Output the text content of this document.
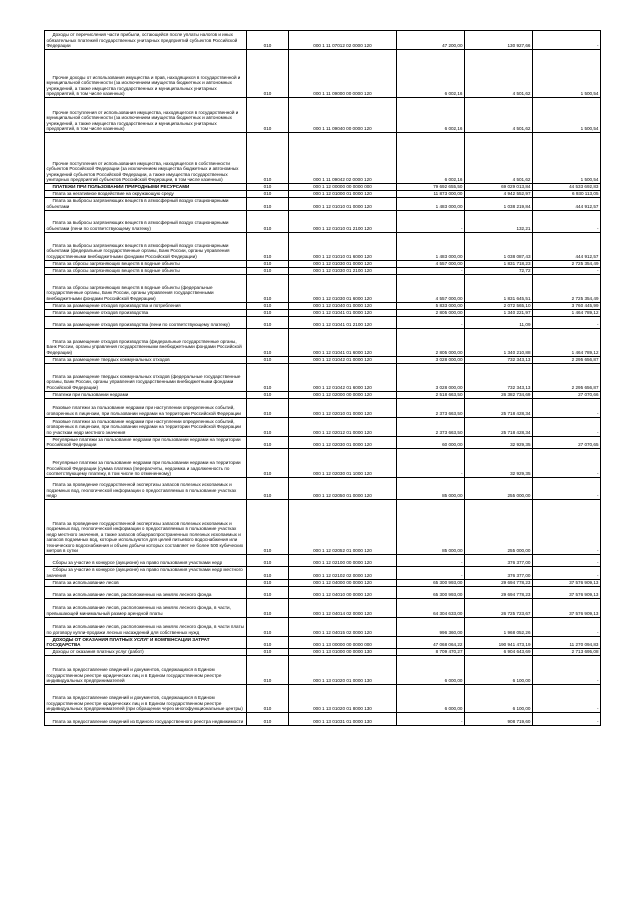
Доходы от перечисления части прибыли, остающейся после уплаты налогов и иных обязательных платежей государственных унитарных предприятий субъектов Российской Федерации	010	000 1 11 07012 02 0000 120	47 200,00	130 927,66	-
Прочие доходы от использования имущества и прав, находящихся в государственной и муниципальной собственности (за исключением имущества бюджетных и автономных учреждений, а также имущества государственных и муниципальных унитарных предприятий, в том числе казенных)	010	000 1 11 09000 00 0000 120	6 002,16	4 501,62	1 500,54
Прочие поступления от использования имущества, находящегося в государственной и муниципальной собственности (за исключением имущества бюджетных и автономных учреждений, а также имущества государственных и муниципальных унитарных предприятий, в том числе казенных)	010	000 1 11 09040 00 0000 120	6 002,16	4 501,62	1 500,54
Прочие поступления от использования имущества, находящегося в собственности субъектов Российской Федерации (за исключением имущества бюджетных и автономных учреждений субъектов Российской Федерации, а также имущества государственных унитарных предприятий субъектов Российской Федерации, в том числе казенных)	010	000 1 11 09042 02 0000 120	6 002,16	4 501,62	1 500,54
ПЛАТЕЖИ ПРИ ПОЛЬЗОВАНИИ ПРИРОДНЫМИ РЕСУРСАМИ	010	000 1 12 00000 00 0000 000	79 692 655,50	69 029 013,84	44 533 692,83
Плата за негативное воздействие на окружающую среду	010	000 1 12 01000 01 0000 120	11 873 000,00	4 942 552,97	6 930 113,05
Плата за выбросы загрязняющих веществ в атмосферный воздух стационарными объектами	010	000 1 12 01010 01 0000 120	1 483 000,00	1 038 219,84	444 912,57
Плата за выбросы загрязняющих веществ в атмосферный воздух стационарными объектами (пени по соответствующему платежу)	010	000 1 12 01010 01 2100 120	-	132,21	-
Плата за выбросы загрязняющих веществ в атмосферный воздух стационарными объектами (федеральные государственные органы, Банк России, органы управления государственными внебюджетными фондами Российской Федерации)	010	000 1 12 01010 01 6000 120	1 483 000,00	1 038 087,43	444 912,57
Плата за сбросы загрязняющих веществ в водные объекты	010	000 1 12 01030 01 0000 120	4 557 000,00	1 831 718,23	2 725 354,49
Плата за сбросы загрязняющих веществ в водные объекты	010	000 1 12 01030 01 2100 120	-	72,72	-
Плата за сбросы загрязняющих веществ в водные объекты (федеральные государственные органы, Банк России, органы управления государственными внебюджетными фондами Российской Федерации)	010	000 1 12 01030 01 6000 120	4 557 000,00	1 831 645,51	2 725 354,49
Плата за размещение отходов производства и потребления	010	000 1 12 01040 01 0000 120	5 833 000,00	2 072 565,10	3 760 445,99
Плата за размещение отходов производства	010	000 1 12 01041 01 0000 120	2 805 000,00	1 340 221,97	1 464 789,12
Плата за размещение отходов производства (пени по соответствующему платежу)	010	000 1 12 01041 01 2100 120	-	11,09	-
Плата за размещение отходов производства (федеральные государственные органы, Банк России, органы управления государственными внебюджетными фондами Российской Федерации)	010	000 1 12 01041 01 6000 120	2 805 000,00	1 340 210,88	1 464 789,12
Плата за размещение твердых коммунальных отходов	010	000 1 12 01042 01 0000 120	3 028 000,00	732 343,13	2 295 656,87
Плата за размещение твердых коммунальных отходов (федеральные государственные органы, Банк России, органы управления государственными внебюджетными фондами Российской Федерации)	010	000 1 12 01042 01 6000 120	3 028 000,00	732 343,13	2 295 656,87
Платежи при пользовании недрами	010	000 1 12 02000 00 0000 120	2 518 663,50	26 382 734,69	27 070,66
Разовые платежи за пользование недрами при наступлении определенных событий, оговоренных в лицензии, при пользовании недрами на территории Российской Федерации	010	000 1 12 02010 01 0000 120	2 373 663,50	25 718 428,34	-
Разовые платежи за пользование недрами при наступлении определенных событий, оговоренных в лицензии, при пользовании недрами на территории Российской Федерации по участкам недр местного значения	010	000 1 12 02012 01 0000 120	2 373 663,50	25 718 428,34	-
Регулярные платежи за пользование недрами при пользовании недрами на территории Российской Федерации	010	000 1 12 02030 01 0000 120	60 000,00	32 929,35	27 070,65
Регулярные платежи за пользование недрами при пользовании недрами на территории Российской Федерации (сумма платежа (перерасчеты, недоимка и задолженность по соответствующему платежу, в том числе по отмененному)	010	000 1 12 02030 01 1000 120	-	32 929,35	-
Плата за проведение государственной экспертизы запасов полезных ископаемых и подземных вод, геологической информации о предоставляемых в пользование участках недр	010	000 1 12 02050 01 0000 120	85 000,00	255 000,00	-
Плата за проведение государственной экспертизы запасов полезных ископаемых и подземных вод, геологической информации о предоставляемых в пользование участках недр местного значения, а также запасов общераспространенных полезных ископаемых и запасов подземных вод, которые используются для целей питьевого водоснабжения или технического водоснабжения и объем добычи которых составляет не более 500 кубических метров в сутки	010	000 1 12 02052 01 0000 120	85 000,00	255 000,00	-
Сборы за участие в конкурсе (аукционе) на право пользования участками недр	010	000 1 12 02100 00 0000 120	-	376 377,00	-
Сборы за участие в конкурсе (аукционе) на право пользования участками недр местного значения	010	000 1 12 02102 02 0000 120	-	376 377,00	-
Плата за использование лесов	010	000 1 12 04000 00 0000 120	65 300 993,00	29 694 778,23	37 576 909,13
Плата за использование лесов, расположенных на землях лесного фонда	010	000 1 12 04010 00 0000 120	65 300 993,00	29 694 778,23	37 576 909,13
Плата за использование лесов, расположенных на землях лесного фонда, в части, превышающей минимальный размер арендной платы	010	000 1 12 04014 02 0000 120	64 304 633,00	26 725 723,67	37 576 909,13
Плата за использование лесов, расположенных на землях лесного фонда, в части платы по договору купли-продажи лесных насаждений для собственных нужд	010	000 1 12 04015 02 0000 120	996 360,00	1 968 052,26	-
ДОХОДЫ ОТ ОКАЗАНИЯ ПЛАТНЫХ УСЛУГ И КОМПЕНСАЦИИ ЗАТРАТ ГОСУДАРСТВА	010	000 1 13 00000 00 0000 000	47 068 064,22	190 941 473,19	11 270 094,83
Доходы от оказания платных услуг (работ)	010	000 1 13 01000 00 0000 130	8 709 470,27	6 904 643,69	2 713 695,08
Плата за предоставление сведений и документов, содержащихся в Едином государственном реестре юридических лиц и в Едином государственном реестре индивидуальных предпринимателей	010	000 1 13 01020 01 0000 130	6 000,00	6 100,00	-
Плата за предоставление сведений и документов, содержащихся в Едином государственном реестре юридических лиц и в Едином государственном реестре индивидуальных предпринимателей (при обращении через многофункциональные центры)	010	000 1 13 01020 01 8000 130	6 000,00	6 100,00	-
Плата за предоставление сведений из Единого государственного реестра недвижимости	010	000 1 13 01031 01 0000 130	-	908 719,60	-
